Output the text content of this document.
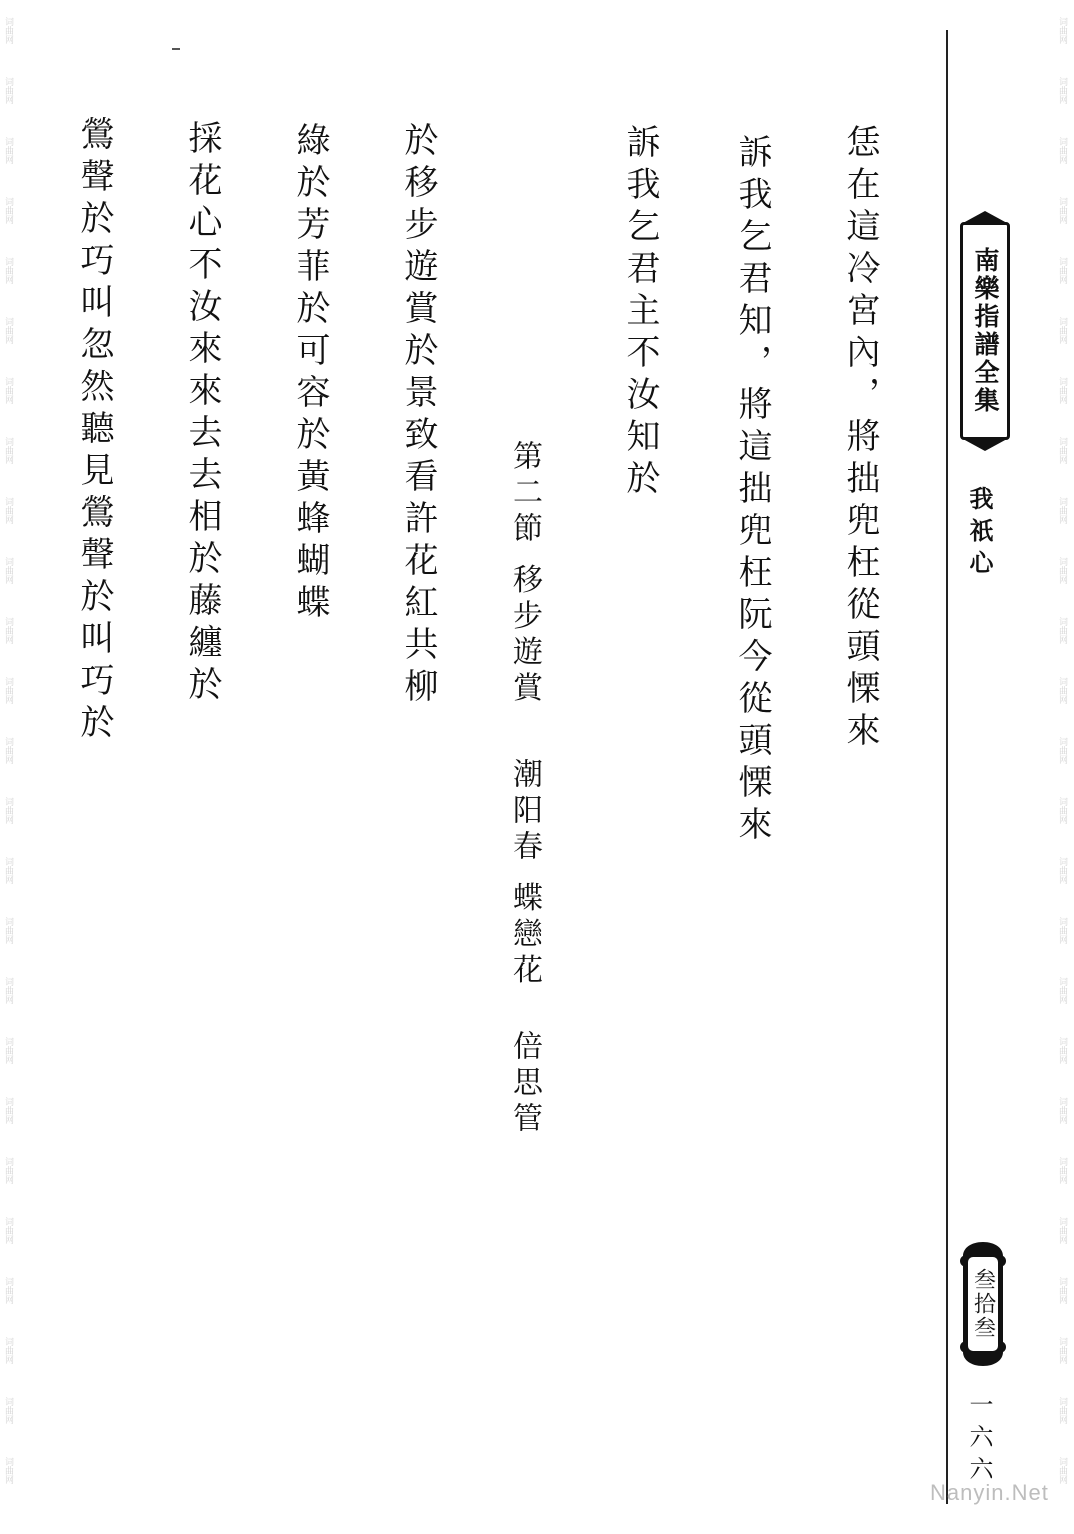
词曲网
词曲网
词曲网
词曲网
词曲网
词曲网
词曲网
词曲网
词曲网
词曲网
词曲网
词曲网
词曲网
词曲网
词曲网
词曲网
词曲网
词曲网
词曲网
词曲网
词曲网
词曲网
词曲网
词曲网
词曲网
词曲网
词曲网
词曲网
词曲网
词曲网
词曲网
词曲网
词曲网
词曲网
词曲网
词曲网
词曲网
词曲网
词曲网
词曲网
词曲网
词曲网
词曲网
词曲网
词曲网
词曲网
词曲网
词曲网
词曲网
词曲网
恁在這冷宮內，將拙兜枉從頭慄來
訴我乞君知，將這拙兜枉阮今從頭慄來
訴我乞君主不汝知於
第二節 移步遊賞
潮阳春 蝶戀花
倍思管
於移步遊賞於景致看許花紅共柳
綠於芳菲於可容於黃蜂蝴蝶
採花心不汝來來去去相於藤纏於
鶯聲於巧叫忽然聽見鶯聲於叫巧於	南樂指譜全集
我祇心
叁拾叁
一六六
Nanyin.Net
